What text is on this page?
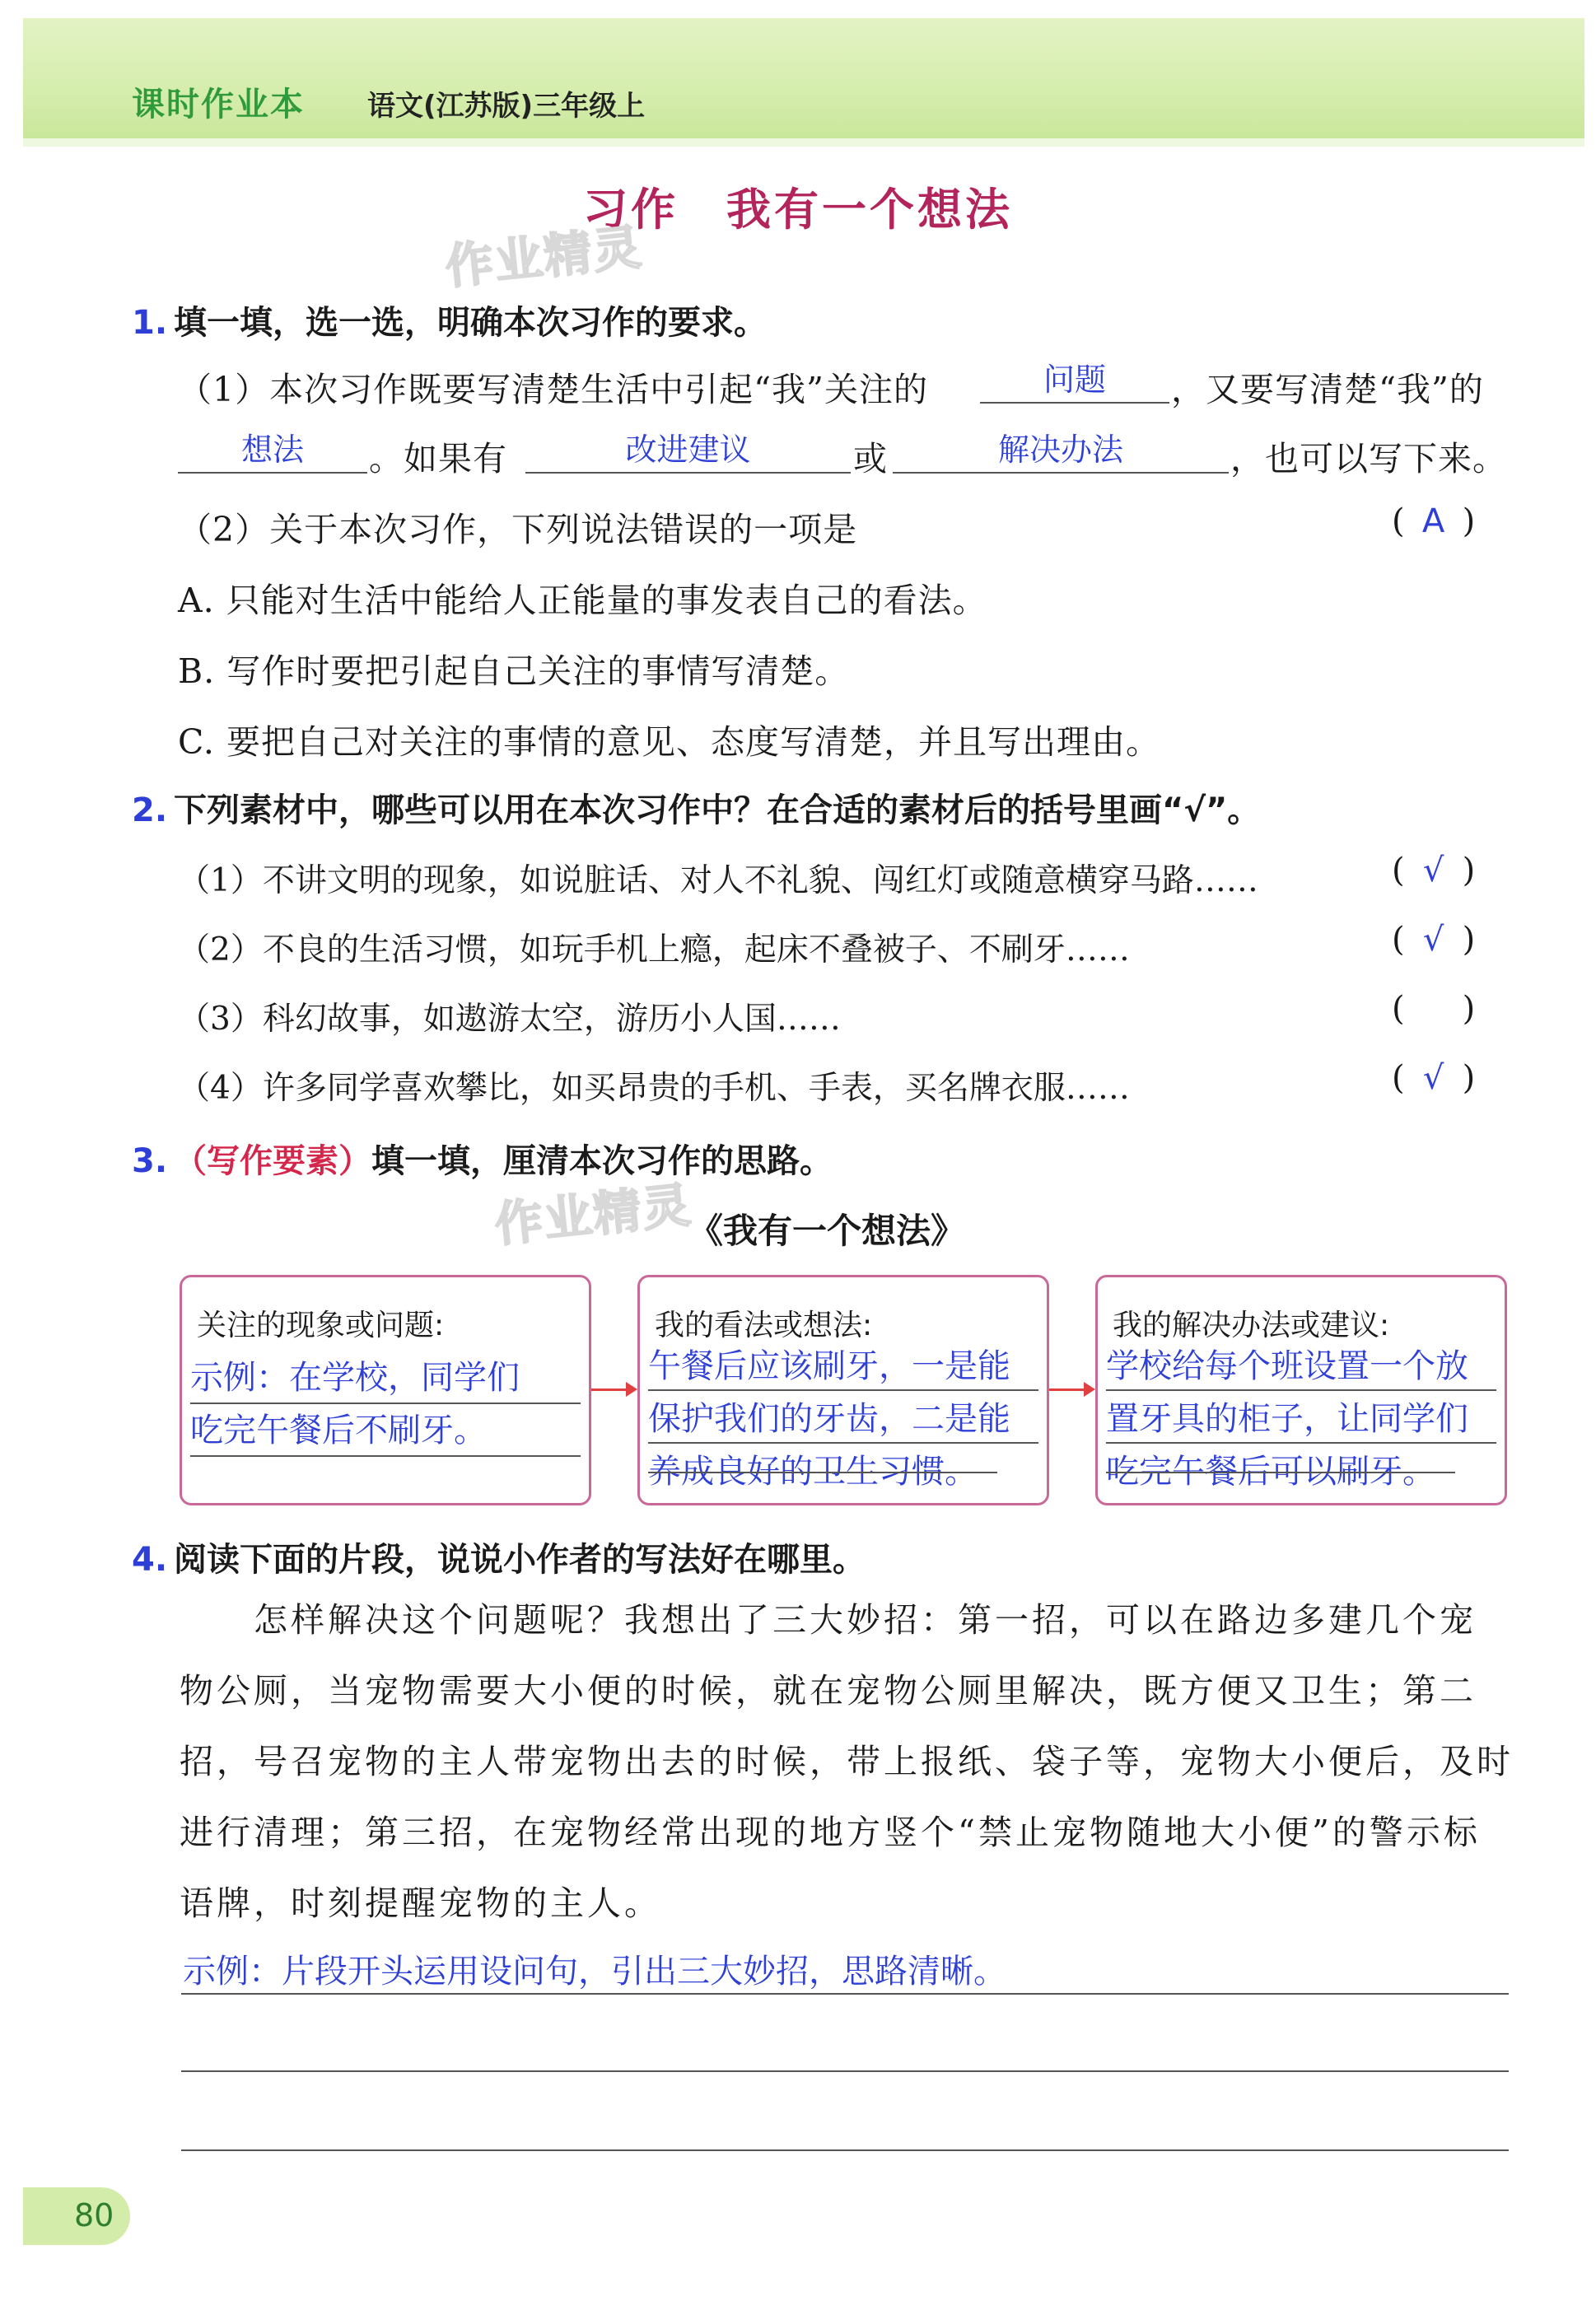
课时作业本 语文(江苏版)三年级上
习作　我有一个想法
作业精灵
1. 填一填，选一选，明确本次习作的要求。
（1）本次习作既要写清楚生活中引起“我”关注的	问题	，又要写清楚“我”的
想法	。如果有	改进建议	或	解决办法	，也可以写下来。
（2）关于本次习作，下列说法错误的一项是	( A )
A. 只能对生活中能给人正能量的事发表自己的看法。
B. 写作时要把引起自己关注的事情写清楚。
C. 要把自己对关注的事情的意见、态度写清楚，并且写出理由。
2. 下列素材中，哪些可以用在本次习作中？在合适的素材后的括号里画“√”。
（1）不讲文明的现象，如说脏话、对人不礼貌、闯红灯或随意横穿马路……	( √ )
（2）不良的生活习惯，如玩手机上瘾，起床不叠被子、不刷牙……	( √ )
（3）科幻故事，如遨游太空，游历小人国……	( )
（4）许多同学喜欢攀比，如买昂贵的手机、手表，买名牌衣服……	( √ )
3. （写作要素）填一填，厘清本次习作的思路。
作业精灵
《我有一个想法》
关注的现象或问题:
示例：在学校，同学们
吃完午餐后不刷牙。
我的看法或想法:
午餐后应该刷牙，一是能
保护我们的牙齿，二是能
养成良好的卫生习惯。
我的解决办法或建议:
学校给每个班设置一个放
置牙具的柜子，让同学们
吃完午餐后可以刷牙。
4. 阅读下面的片段，说说小作者的写法好在哪里。
　　怎样解决这个问题呢？我想出了三大妙招：第一招，可以在路边多建几个宠
物公厕，当宠物需要大小便的时候，就在宠物公厕里解决，既方便又卫生；第二
招，号召宠物的主人带宠物出去的时候，带上报纸、袋子等，宠物大小便后，及时
进行清理；第三招，在宠物经常出现的地方竖个“禁止宠物随地大小便”的警示标
语牌，时刻提醒宠物的主人。
示例：片段开头运用设问句，引出三大妙招，思路清晰。
80
